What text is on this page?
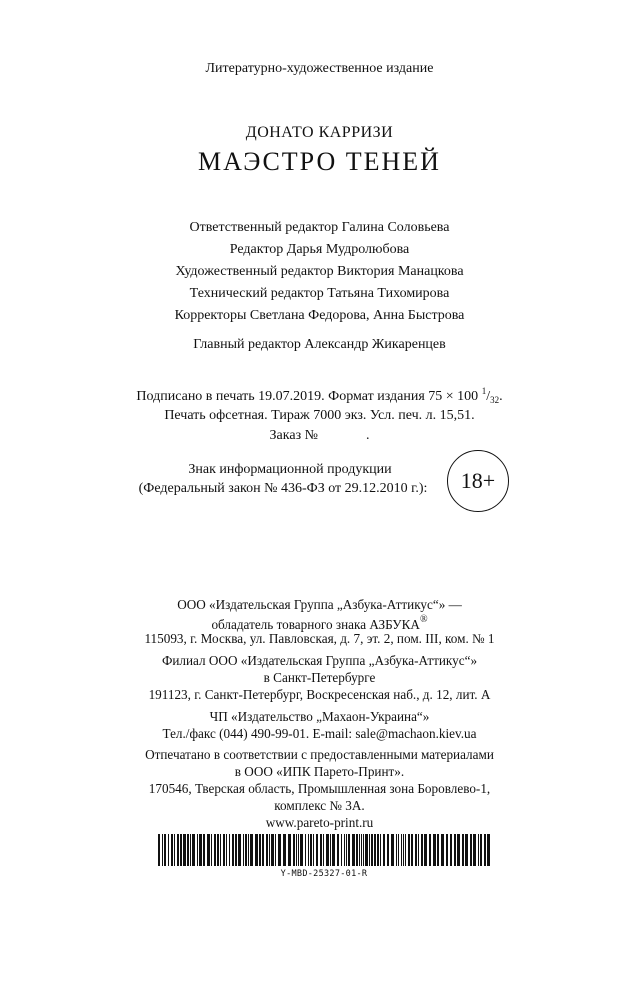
Литературно-художественное издание
ДОНАТО КАРРИЗИ
МАЭСТРО ТЕНЕЙ
Ответственный редактор Галина Соловьева
Редактор Дарья Мудролюбова
Художественный редактор Виктория Манацкова
Технический редактор Татьяна Тихомирова
Корректоры Светлана Федорова, Анна Быстрова
Главный редактор Александр Жикаренцев
Подписано в печать 19.07.2019. Формат издания 75 × 100 $^1/_{32}$.
Печать офсетная. Тираж 7000 экз. Усл. печ. л. 15,51.
Заказ №	.
Знак информационной продукции
(Федеральный закон № 436-ФЗ от 29.12.2010 г.):	18+
ООО «Издательская Группа „Азбука-Аттикус“» —
обладатель товарного знака АЗБУКА®
115093, г. Москва, ул. Павловская, д. 7, эт. 2, пом. III, ком. № 1
Филиал ООО «Издательская Группа „Азбука-Аттикус“»
в Санкт-Петербурге
191123, г. Санкт-Петербург, Воскресенская наб., д. 12, лит. А
ЧП «Издательство „Махаон-Украина“»
Тел./факс (044) 490-99-01. E-mail: sale@machaon.kiev.ua
Отпечатано в соответствии с предоставленными материалами
в ООО «ИПК Парето-Принт».
170546, Тверская область, Промышленная зона Боровлево-1,
комплекс № 3А.
www.pareto-print.ru
Y-MBD-25327-01-R
